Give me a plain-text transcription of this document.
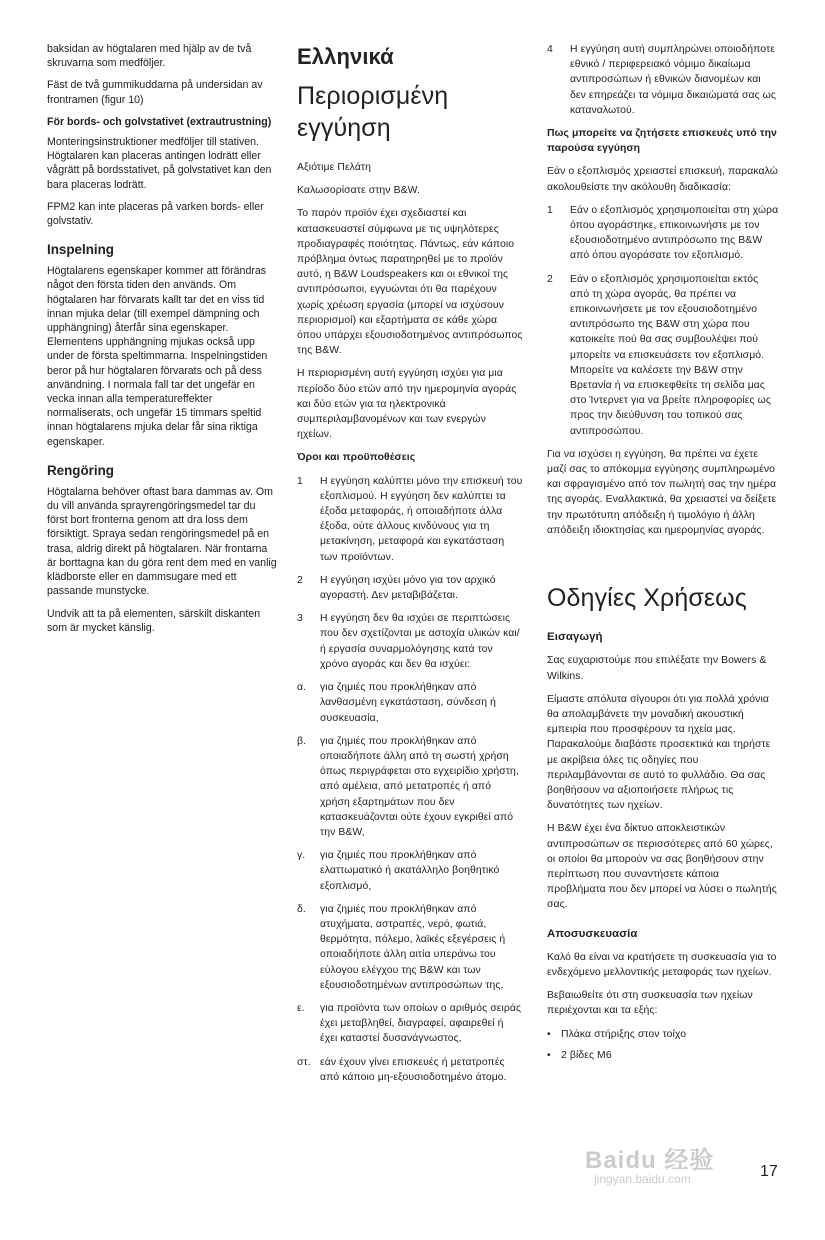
baksidan av högtalaren med hjälp av de två skruvarna som medföljer.

Fäst de två gummikuddarna på undersidan av frontramen (figur 10)

För bords- och golvstativet (extrautrustning)

Monteringsinstruktioner medföljer till stativen. Högtalaren kan placeras antingen lodrätt eller vågrätt på bordsstativet, på golvstativet kan den bara placeras lodrätt.

FPM2 kan inte placeras på varken bords- eller golvstativ.

Inspelning

Högtalarens egenskaper kommer att förändras något den första tiden den används. Om högtalaren har förvarats kallt tar det en viss tid innan mjuka delar (till exempel dämpning och upphängning) återfår sina egenskaper. Elementens upphängning mjukas också upp under de första speltimmarna. Inspelningstiden beror på hur högtalaren förvarats och på dess användning. I normala fall tar det ungefär en vecka innan alla temperatureffekter normaliserats, och ungefär 15 timmars speltid innan högtalarens mjuka delar får sina riktiga egenskaper.

Rengöring

Högtalarna behöver oftast bara dammas av. Om du vill använda sprayrengöringsmedel tar du först bort fronterna genom att dra loss dem försiktigt. Spraya sedan rengöringsmedel på en trasa, aldrig direkt på högtalaren. När frontarna är borttagna kan du göra rent dem med en vanlig klädborste eller en dammsugare med ett passande munstycke.

Undvik att ta på elementen, särskilt diskanten som är mycket känslig.

Ελληνικά
Περιορισμένη εγγύηση

Αξιότιμε Πελάτη

Καλωσορίσατε στην B&W.

Το παρόν προϊόν έχει σχεδιαστεί και κατασκευαστεί σύμφωνα με τις υψηλότερες προδιαγραφές ποιότητας. Πάντως, εάν κάποιο πρόβλημα όντως παρατηρηθεί με το προϊόν αυτό, η B&W Loudspeakers και οι εθνικοί της αντιπρόσωποι, εγγυώνται ότι θα παρέχουν χωρίς χρέωση εργασία (μπορεί να ισχύσουν περιορισμοί) και εξαρτήματα σε κάθε χώρα όπου υπάρχει εξουσιοδοτημένος αντιπρόσωπος της B&W.

Η περιορισμένη αυτή εγγύηση ισχύει για μια περίοδο δύο ετών από την ημερομηνία αγοράς και δύο ετών για τα ηλεκτρονικά συμπεριλαμβανομένων και των ενεργών ηχείων.

Όροι και προϋποθέσεις
1	Η εγγύηση καλύπτει μόνο την επισκευή του εξοπλισμού. Η εγγύηση δεν καλύπτει τα έξοδα μεταφοράς, ή οποιαδήποτε άλλα έξοδα, ούτε άλλους κινδύνους για τη μετακίνηση, μεταφορά και εγκατάσταση των προϊόντων.
2	Η εγγύηση ισχύει μόνο για τον αρχικό αγοραστή. Δεν μεταβιβάζεται.
3	Η εγγύηση δεν θα ισχύει σε περιπτώσεις που δεν σχετίζονται με αστοχία υλικών και/ή εργασία συναρμολόγησης κατά τον χρόνο αγοράς και δεν θα ισχύει:
α.	για ζημιές που προκλήθηκαν από λανθασμένη εγκατάσταση, σύνδεση ή συσκευασία,
β.	για ζημιές που προκλήθηκαν από οποιαδήποτε άλλη από τη σωστή χρήση όπως περιγράφεται στο εγχειρίδιο χρήστη, από αμέλεια, από μετατροπές ή από χρήση εξαρτημάτων που δεν κατασκευάζονται ούτε έχουν εγκριθεί από την B&W,
γ.	για ζημιές που προκλήθηκαν από ελαττωματικό ή ακατάλληλο βοηθητικό εξοπλισμό,
δ.	για ζημιές που προκλήθηκαν από ατυχήματα, αστραπές, νερό, φωτιά, θερμότητα, πόλεμο, λαϊκές εξεγέρσεις ή οποιαδήποτε άλλη αιτία υπεράνω του εύλογου ελέγχου της B&W και των εξουσιοδοτημένων αντιπροσώπων της,
ε.	για προϊόντα των οποίων ο αριθμός σειράς έχει μεταβληθεί, διαγραφεί, αφαιρεθεί ή έχει καταστεί δυσανάγνωστος,
στ. εάν έχουν γίνει επισκευές ή μετατροπές από κάποιο μη-εξουσιοδοτημένο άτομο.
4	Η εγγύηση αυτή συμπληρώνει οποιοδήποτε εθνικό / περιφερειακό νόμιμο δικαίωμα αντιπροσώπων ή εθνικών διανομέων και δεν επηρεάζει τα νόμιμα δικαιώματά σας ως καταναλωτού.
Πως μπορείτε να ζητήσετε επισκευές υπό την παρούσα εγγύηση

Εάν ο εξοπλισμός χρειαστεί επισκευή, παρακαλώ ακολουθείστε την ακόλουθη διαδικασία:

1	Εάν ο εξοπλισμός χρησιμοποιείται στη χώρα όπου αγοράστηκε, επικοινωνήστε με τον εξουσιοδοτημένο αντιπρόσωπο της B&W από όπου αγοράσατε τον εξοπλισμό.
2	Εάν ο εξοπλισμός χρησιμοποιείται εκτός από τη χώρα αγοράς, θα πρέπει να επικοινωνήσετε με τον εξουσιοδοτημένο αντιπρόσωπο της B&W στη χώρα που κατοικείτε πού θα σας συμβουλέψει πού μπορείτε να επισκευάσετε τον εξοπλισμό. Μπορείτε να καλέσετε την B&W στην Βρετανία ή να επισκεφθείτε τη σελίδα μας στο Ίντερνετ για να βρείτε πληροφορίες ως προς την διεύθυνση του τοπικού σας αντιπροσώπου.

Για να ισχύσει η εγγύηση, θα πρέπει να έχετε μαζί σας το απόκομμα εγγύησης συμπληρωμένο και σφραγισμένο από τον πωλητή σας την ημέρα της αγοράς. Εναλλακτικά, θα χρειαστεί να δείξετε την πρωτότυπη απόδειξη ή τιμολόγιο ή άλλη απόδειξη ιδιοκτησίας και ημερομηνίας αγοράς.

Οδηγίες Χρήσεως
Εισαγωγή

Σας ευχαριστούμε που επιλέξατε την Bowers & Wilkins.

Είμαστε απόλυτα σίγουροι ότι για πολλά χρόνια θα απολαμβάνετε την μοναδική ακουστική εμπειρία που προσφέρουν τα ηχεία μας. Παρακαλούμε διαβάστε προσεκτικά και τηρήστε με ακρίβεια όλες τις οδηγίες που περιλαμβάνονται σε αυτό το φυλλάδιο. Θα σας βοηθήσουν να αξιοποιήσετε πλήρως τις δυνατότητες των ηχείων.

Η B&W έχει ένα δίκτυο αποκλειστικών αντιπροσώπων σε περισσότερες από 60 χώρες, οι οποίοι θα μπορούν να σας βοηθήσουν στην περίπτωση που συναντήσετε κάποια προβλήματα που δεν μπορεί να λύσει ο πωλητής σας.

Αποσυσκευασία

Καλό θα είναι να κρατήσετε τη συσκευασία για το ενδεχόμενο μελλοντικής μεταφοράς των ηχείων.

Βεβαιωθείτε ότι στη συσκευασία των ηχείων περιέχονται και τα εξής:

• Πλάκα στήριξης στον τοίχο
• 2 βίδες M6
Baidu 经验
jingyan.baidu.com	17
